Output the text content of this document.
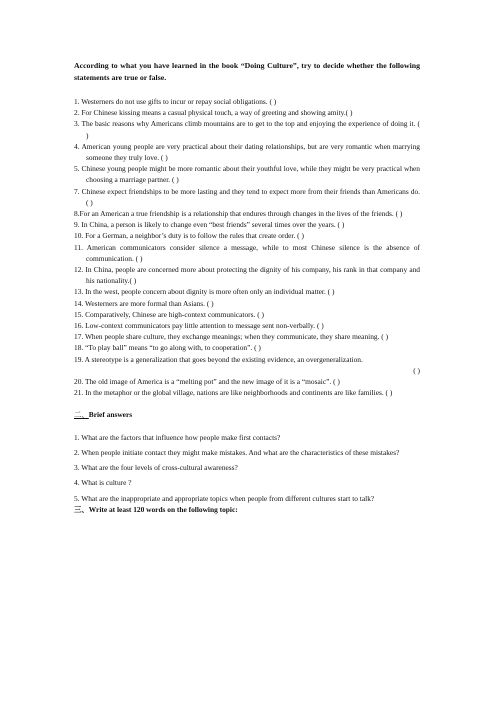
According to what you have learned in the book “Doing Culture”, try to decide whether the following statements are true or false.
1. Westerners do not use gifts to incur or repay social obligations. ( )
2. For Chinese kissing means a casual physical touch, a way of greeting and showing amity.( )
3. The basic reasons why Americans climb mountains are to get to the top and enjoying the experience of doing it. ( )
4. American young people are very practical about their dating relationships, but are very romantic when marrying someone they truly love. ( )
5. Chinese young people might be more romantic about their youthful love, while they might be very practical when choosing a marriage partner. ( )
7. Chinese expect friendships to be more lasting and they tend to expect more from their friends than Americans do. ( )
8.For an American a true friendship is a relationship that endures through changes in the lives of the friends. ( )
9. In China, a person is likely to change even “best friends” several times over the years. ( )
10. For a German, a neighbor’s duty is to follow the rules that create order. ( )
11. American communicators consider silence a message, while to most Chinese silence is the absence of communication. ( )
12. In China, people are concerned more about protecting the dignity of his company, his rank in that company and his nationality.( )
13. In the west, people concern about dignity is more often only an individual matter. ( )
14. Westerners are more formal than Asians. ( )
15. Comparatively, Chinese are high-context communicators. ( )
16. Low-context communicators pay little attention to message sent non-verbally. ( )
17. When people share culture, they exchange meanings; when they communicate, they share meaning. ( )
18. “To play ball” means “to go along with, to cooperation”. ( )
19. A stereotype is a generalization that goes beyond the existing evidence, an overgeneralization.
( )
20. The old image of America is a “melting pot” and the new image of it is a “mosaic”. ( )
21. In the metaphor or the global village, nations are like neighborhoods and continents are like families. ( )
二、Brief answers
1. What are the factors that influence how people make first contacts?
2. When people initiate contact they might make mistakes. And what are the characteristics of these mistakes?
3. What are the four levels of cross-cultural awareness?
4. What is culture ?
5. What are the inappropriate and appropriate topics when people from different cultures start to talk?
三、Write at least 120 words on the following topic:
